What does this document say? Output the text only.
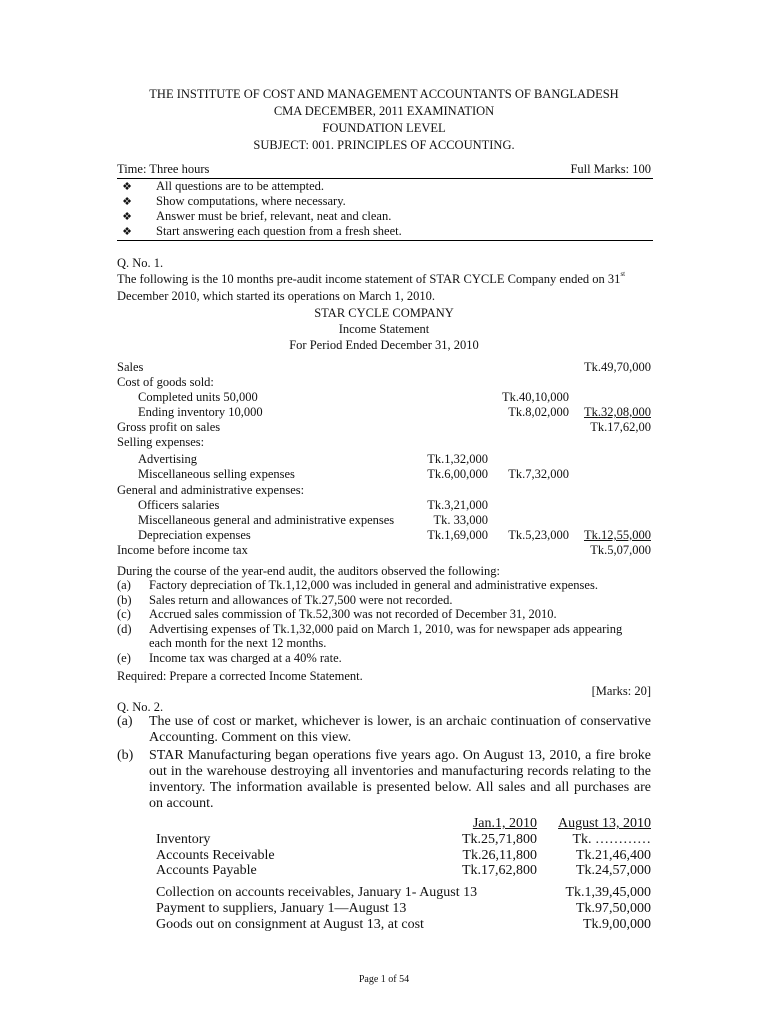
THE INSTITUTE OF COST AND MANAGEMENT ACCOUNTANTS OF BANGLADESH
CMA DECEMBER, 2011 EXAMINATION
FOUNDATION LEVEL
SUBJECT: 001. PRINCIPLES OF ACCOUNTING.
Time: Three hours	Full Marks: 100
❖ All questions are to be attempted.
❖ Show computations, where necessary.
❖ Answer must be brief, relevant, neat and clean.
❖ Start answering each question from a fresh sheet.
Q. No. 1.
The following is the 10 months pre-audit income statement of STAR CYCLE Company ended on 31st
December 2010, which started its operations on March 1, 2010.
STAR CYCLE COMPANY
Income Statement
For Period Ended December 31, 2010
Sales	Tk.49,70,000
Cost of goods sold:
Completed units 50,000	Tk.40,10,000
Ending inventory 10,000	Tk.8,02,000 Tk.32,08,000
Gross profit on sales	Tk.17,62,00
Selling expenses:
Advertising	Tk.1,32,000
Miscellaneous selling expenses	Tk.6,00,000 Tk.7,32,000
General and administrative expenses:
Officers salaries	Tk.3,21,000
Miscellaneous general and administrative expenses	Tk. 33,000
Depreciation expenses	Tk.1,69,000 Tk.5,23,000 Tk.12,55,000
Income before income tax	Tk.5,07,000
During the course of the year-end audit, the auditors observed the following:
(a) Factory depreciation of Tk.1,12,000 was included in general and administrative expenses.
(b) Sales return and allowances of Tk.27,500 were not recorded.
(c) Accrued sales commission of Tk.52,300 was not recorded of December 31, 2010.
(d) Advertising expenses of Tk.1,32,000 paid on March 1, 2010, was for newspaper ads appearing
each month for the next 12 months.
(e) Income tax was charged at a 40% rate.
Required: Prepare a corrected Income Statement.
[Marks: 20]
Q. No. 2.
(a) The use of cost or market, whichever is lower, is an archaic continuation of conservative Accounting. Comment on this view.
(b) STAR Manufacturing began operations five years ago. On August 13, 2010, a fire broke out in the warehouse destroying all inventories and manufacturing records relating to the inventory. The information available is presented below. All sales and all purchases are on account.
Jan.1, 2010 August 13, 2010
Inventory	Tk.25,71,800	Tk. …………
Accounts Receivable	Tk.26,11,800	Tk.21,46,400
Accounts Payable	Tk.17,62,800	Tk.24,57,000
Collection on accounts receivables, January 1- August 13	Tk.1,39,45,000
Payment to suppliers, January 1—August 13	Tk.97,50,000
Goods out on consignment at August 13, at cost	Tk.9,00,000
Page 1 of 54
